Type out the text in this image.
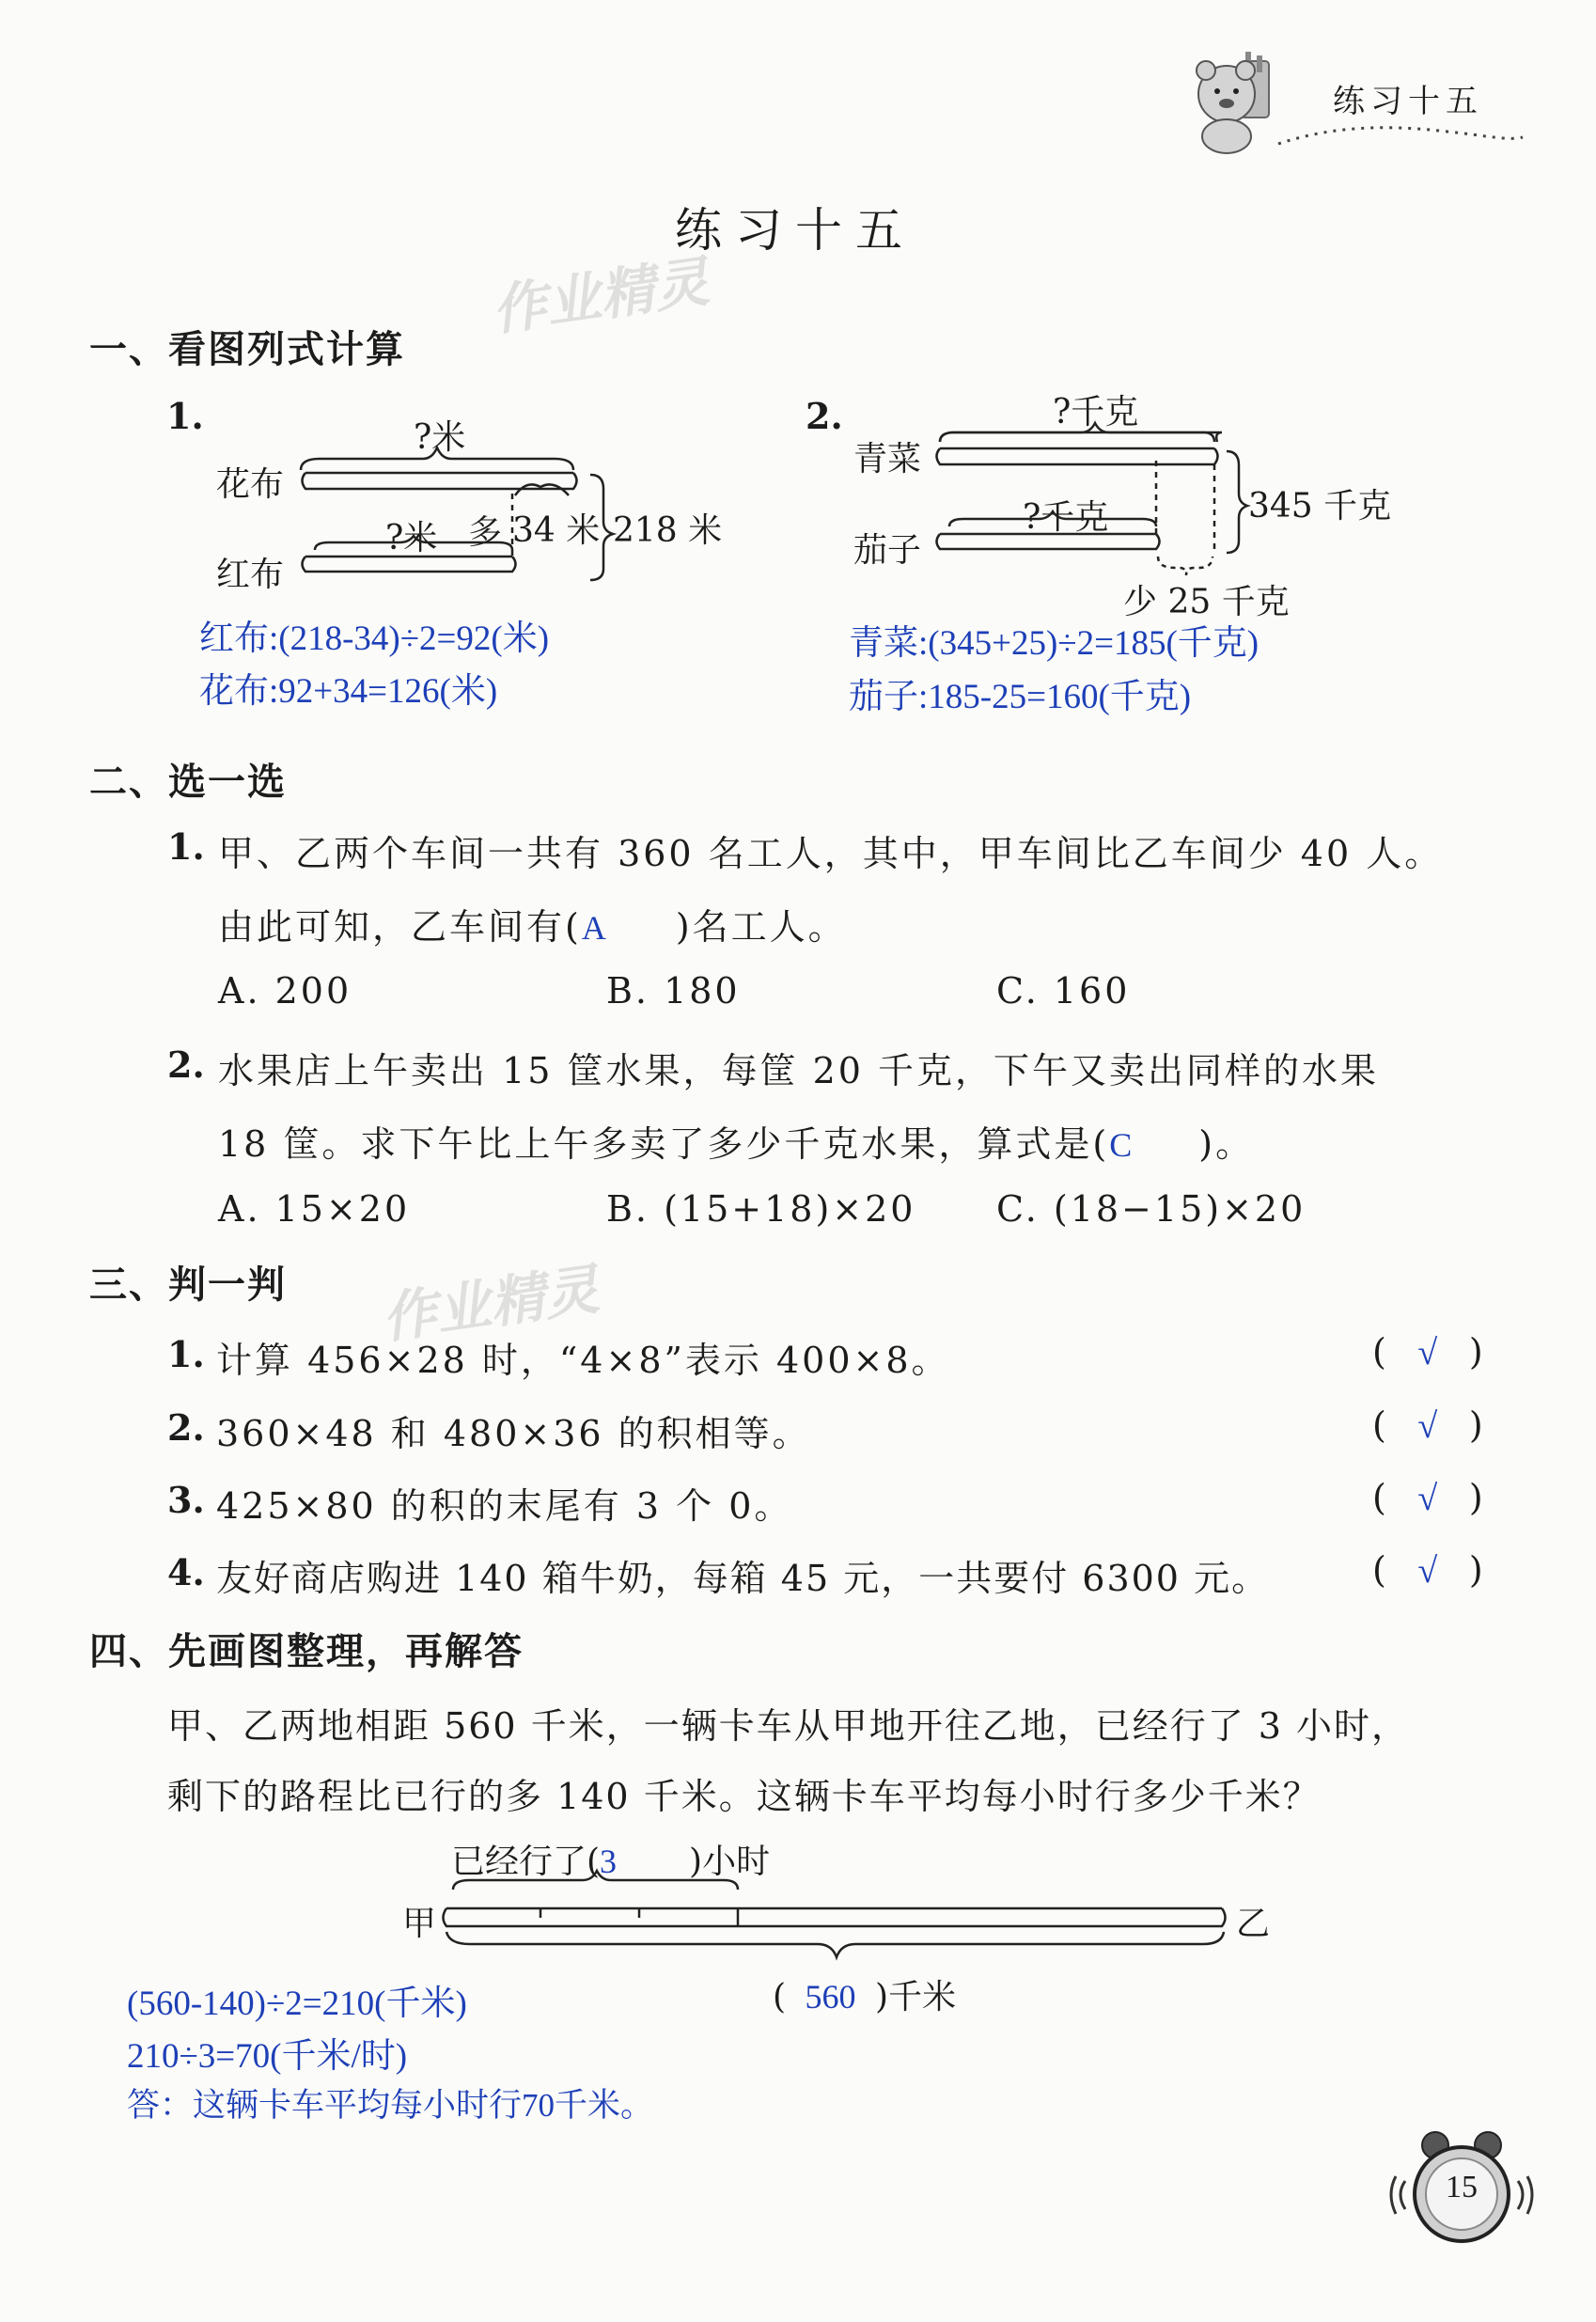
练习十五
练习十五
作业精灵
作业精灵
一、看图列式计算
1.
?米
花布
?米 多 34 米 218 米
红布
红布:(218-34)÷2=92(米)
花布:92+34=126(米)
2.	?千克
青菜
345 千克
?千克
茄子
少 25 千克
青菜:(345+25)÷2=185(千克)
茄子:185-25=160(千克)
二、选一选
1. 甲、乙两个车间一共有 360 名工人，其中，甲车间比乙车间少 40 人。
由此可知，乙车间有(A )名工人。
A. 200	B. 180	C. 160
2. 水果店上午卖出 15 筐水果，每筐 20 千克，下午又卖出同样的水果
18 筐。求下午比上午多卖了多少千克水果，算式是(C )。
A. 15×20	B. (15+18)×20 C. (18−15)×20
三、判一判
1. 计算 456×28 时，“4×8”表示 400×8。	( √ )
2. 360×48 和 480×36 的积相等。	( √ )
3. 425×80 的积的末尾有 3 个 0。	( √ )
4. 友好商店购进 140 箱牛奶，每箱 45 元，一共要付 6300 元。	( √ )
四、先画图整理，再解答
甲、乙两地相距 560 千米，一辆卡车从甲地开往乙地，已经行了 3 小时，
剩下的路程比已行的多 140 千米。这辆卡车平均每小时行多少千米？
已经行了(3 )小时
甲	乙
( 560 )千米
(560-140)÷2=210(千米)
210÷3=70(千米/时)
答：这辆卡车平均每小时行70千米。
15
